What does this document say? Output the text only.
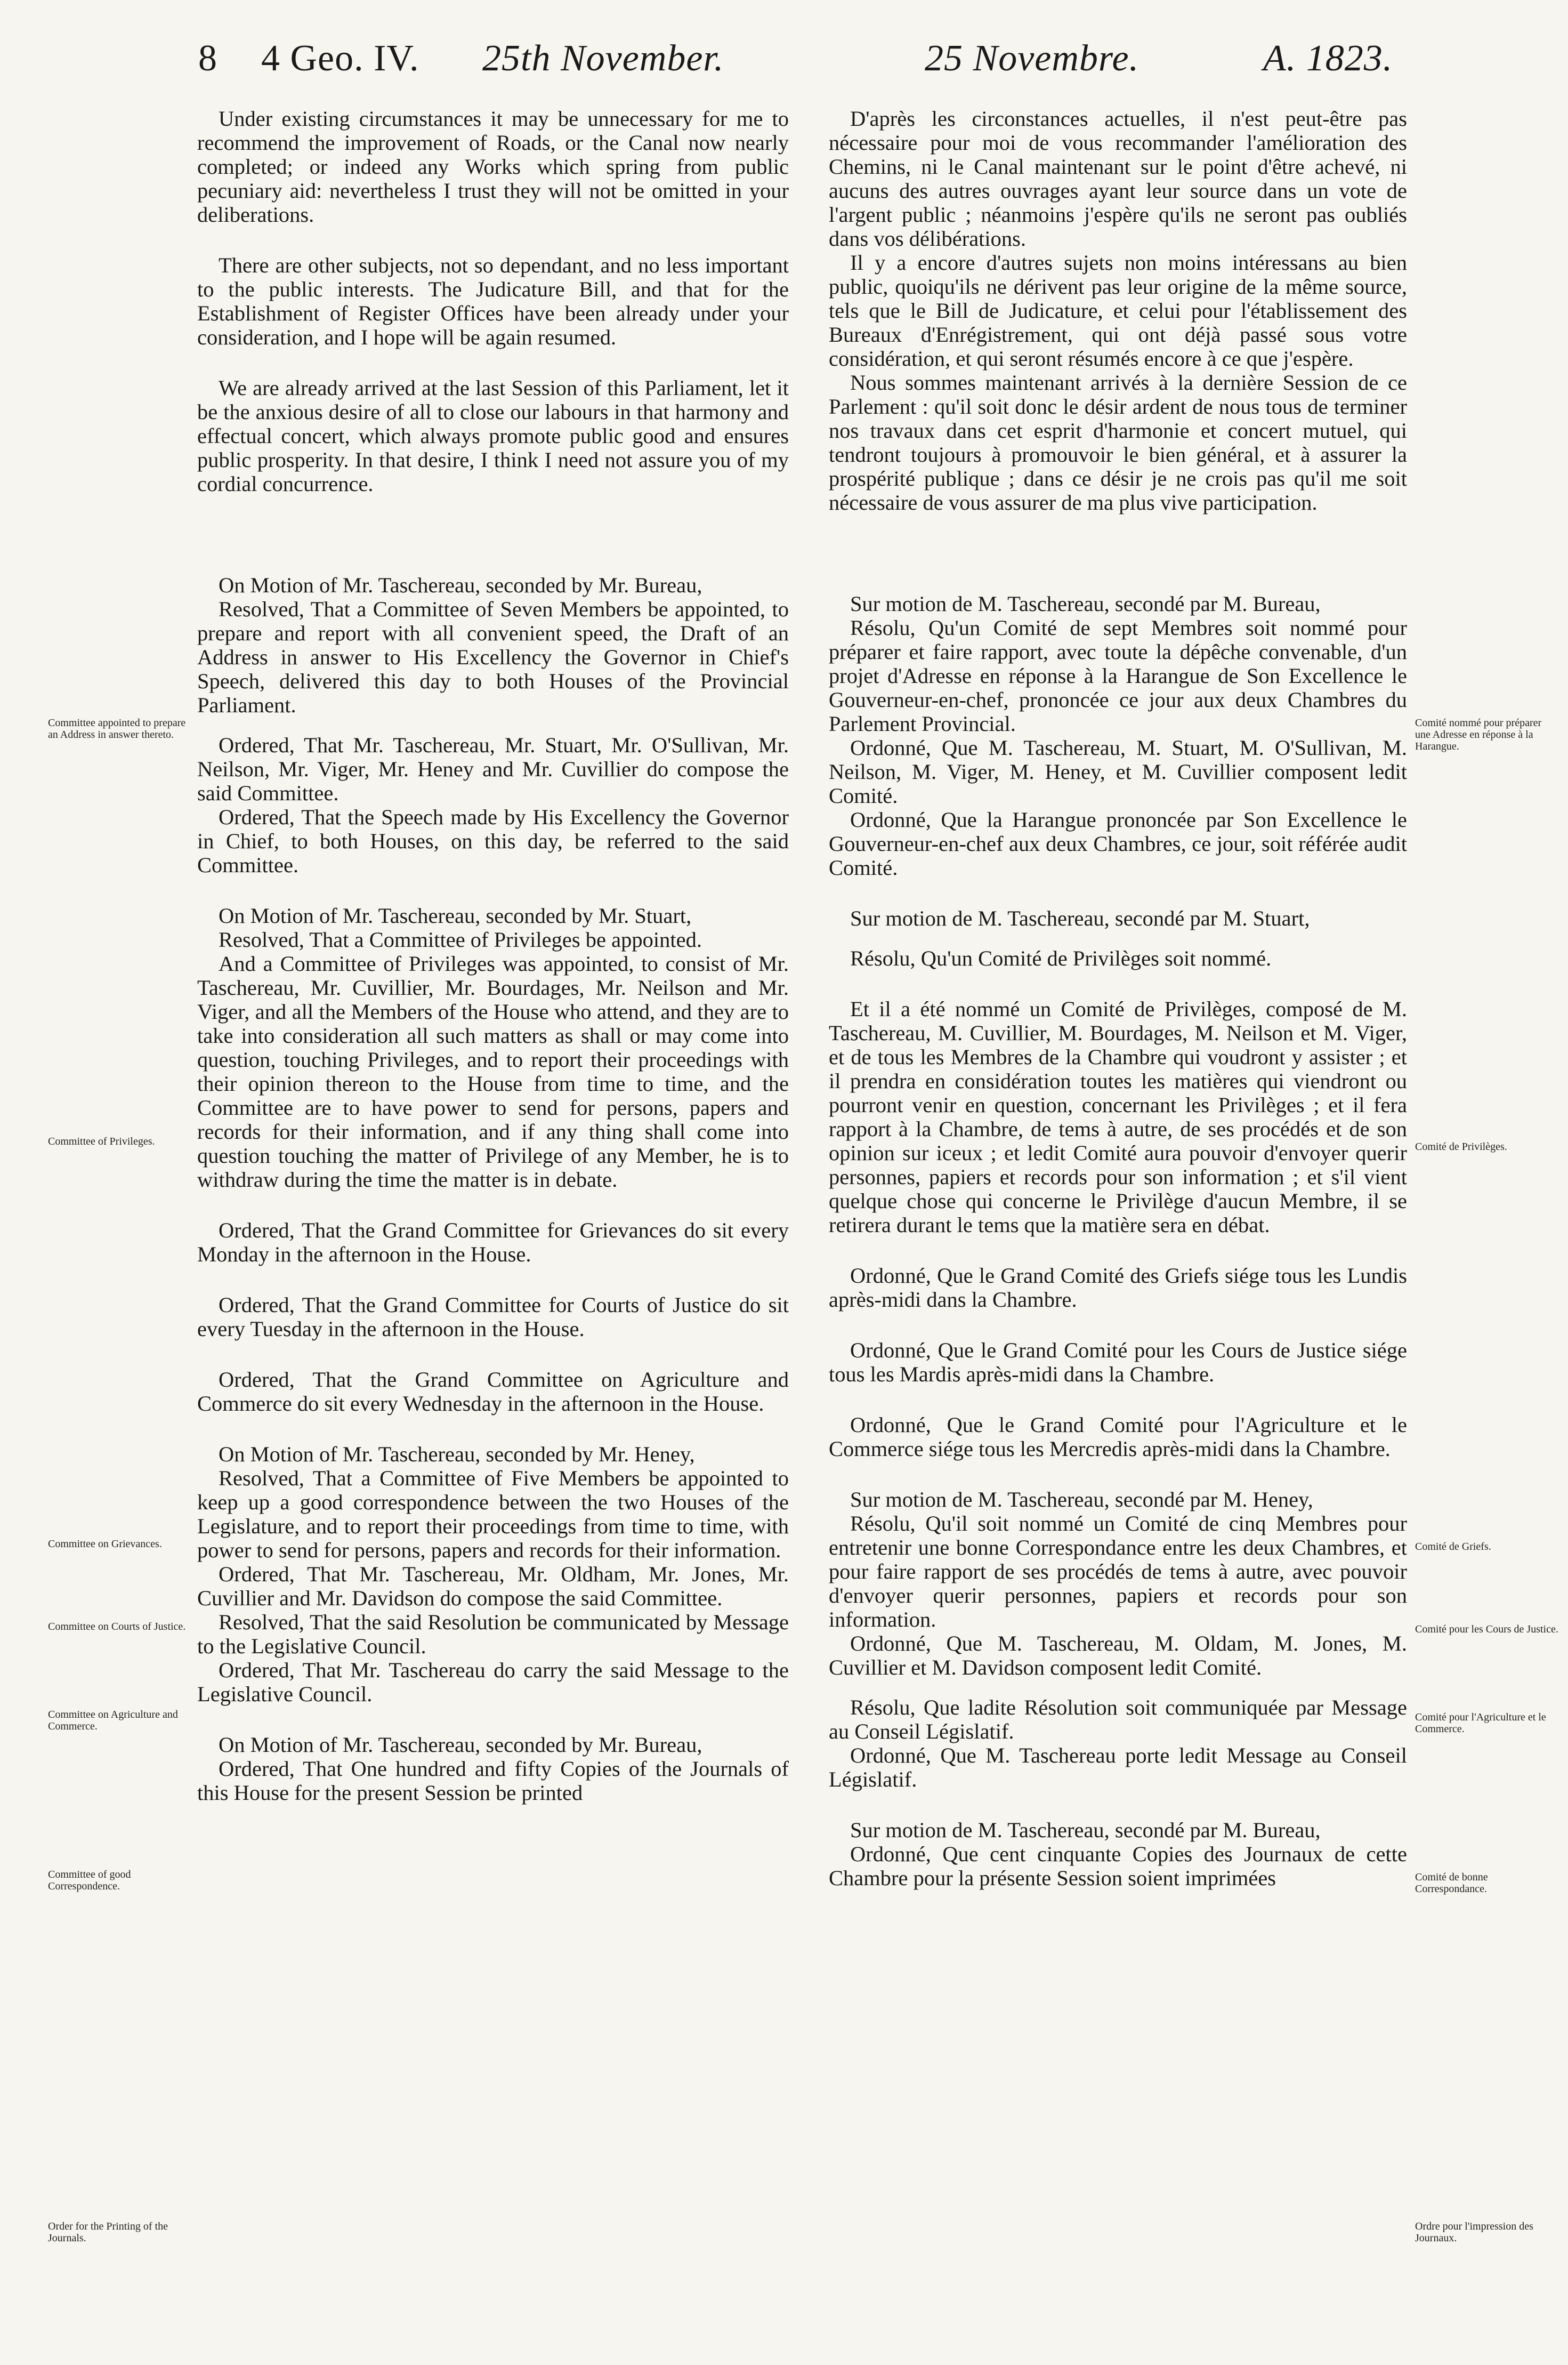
8 4 Geo. IV. 25th November.	25 Novembre.	A. 1823.

Under existing circumstances it may be unnecessary for me to recommend the improvement of Roads, or the Canal now nearly completed; or indeed any Works which spring from public pecuniary aid: nevertheless I trust they will not be omitted in your deliberations.

There are other subjects, not so dependant, and no less important to the public interests. The Judicature Bill, and that for the Establishment of Register Offices have been already under your consideration, and I hope will be again resumed.

We are already arrived at the last Session of this Parliament, let it be the anxious desire of all to close our labours in that harmony and effectual concert, which always promote public good and ensures public prosperity. In that desire, I think I need not assure you of my cordial concurrence.

On Motion of Mr. Taschereau, seconded by Mr. Bureau,

Resolved, That a Committee of Seven Members be appointed, to prepare and report with all convenient speed, the Draft of an Address in answer to His Excellency the Governor in Chief's Speech, delivered this day to both Houses of the Provincial Parliament.

Ordered, That Mr. Taschereau, Mr. Stuart, Mr. O'Sullivan, Mr. Neilson, Mr. Viger, Mr. Heney and Mr. Cuvillier do compose the said Committee.

Ordered, That the Speech made by His Excellency the Governor in Chief, to both Houses, on this day, be referred to the said Committee.

On Motion of Mr. Taschereau, seconded by Mr. Stuart,

Resolved, That a Committee of Privileges be appointed.

And a Committee of Privileges was appointed, to consist of Mr. Taschereau, Mr. Cuvillier, Mr. Bourdages, Mr. Neilson and Mr. Viger, and all the Members of the House who attend, and they are to take into consideration all such matters as shall or may come into question, touching Privileges, and to report their proceedings with their opinion thereon to the House from time to time, and the Committee are to have power to send for persons, papers and records for their information, and if any thing shall come into question touching the matter of Privilege of any Member, he is to withdraw during the time the matter is in debate.

Ordered, That the Grand Committee for Grievances do sit every Monday in the afternoon in the House.

Ordered, That the Grand Committee for Courts of Justice do sit every Tuesday in the afternoon in the House.

Ordered, That the Grand Committee on Agriculture and Commerce do sit every Wednesday in the afternoon in the House.

On Motion of Mr. Taschereau, seconded by Mr. Heney,

Resolved, That a Committee of Five Members be appointed to keep up a good correspondence between the two Houses of the Legislature, and to report their proceedings from time to time, with power to send for persons, papers and records for their information.

Ordered, That Mr. Taschereau, Mr. Oldham, Mr. Jones, Mr. Cuvillier and Mr. Davidson do compose the said Committee.

Resolved, That the said Resolution be communicated by Message to the Legislative Council.

Ordered, That Mr. Taschereau do carry the said Message to the Legislative Council.

On Motion of Mr. Taschereau, seconded by Mr. Bureau,

Ordered, That One hundred and fifty Copies of the Journals of this House for the present Session be printed

D'après les circonstances actuelles, il n'est peut-être pas nécessaire pour moi de vous recommander l'amélioration des Chemins, ni le Canal maintenant sur le point d'être achevé, ni aucuns des autres ouvrages ayant leur source dans un vote de l'argent public ; néanmoins j'espère qu'ils ne seront pas oubliés dans vos délibérations.

Il y a encore d'autres sujets non moins intéressans au bien public, quoiqu'ils ne dérivent pas leur origine de la même source, tels que le Bill de Judicature, et celui pour l'établissement des Bureaux d'Enrégistrement, qui ont déjà passé sous votre considération, et qui seront résumés encore à ce que j'espère.

Nous sommes maintenant arrivés à la dernière Session de ce Parlement : qu'il soit donc le désir ardent de nous tous de terminer nos travaux dans cet esprit d'harmonie et concert mutuel, qui tendront toujours à promouvoir le bien général, et à assurer la prospérité publique ; dans ce désir je ne crois pas qu'il me soit nécessaire de vous assurer de ma plus vive participation.

Sur motion de M. Taschereau, secondé par M. Bureau,

Résolu, Qu'un Comité de sept Membres soit nommé pour préparer et faire rapport, avec toute la dépêche convenable, d'un projet d'Adresse en réponse à la Harangue de Son Excellence le Gouverneur-en-chef, prononcée ce jour aux deux Chambres du Parlement Provincial.

Ordonné, Que M. Taschereau, M. Stuart, M. O'Sullivan, M. Neilson, M. Viger, M. Heney, et M. Cuvillier composent ledit Comité.

Ordonné, Que la Harangue prononcée par Son Excellence le Gouverneur-en-chef aux deux Chambres, ce jour, soit référée audit Comité.

Sur motion de M. Taschereau, secondé par M. Stuart,

Résolu, Qu'un Comité de Privilèges soit nommé.

Et il a été nommé un Comité de Privilèges, composé de M. Taschereau, M. Cuvillier, M. Bourdages, M. Neilson et M. Viger, et de tous les Membres de la Chambre qui voudront y assister ; et il prendra en considération toutes les matières qui viendront ou pourront venir en question, concernant les Privilèges ; et il fera rapport à la Chambre, de tems à autre, de ses procédés et de son opinion sur iceux ; et ledit Comité aura pouvoir d'envoyer querir personnes, papiers et records pour son information ; et s'il vient quelque chose qui concerne le Privilège d'aucun Membre, il se retirera durant le tems que la matière sera en débat.

Ordonné, Que le Grand Comité des Griefs siége tous les Lundis après-midi dans la Chambre.

Ordonné, Que le Grand Comité pour les Cours de Justice siége tous les Mardis après-midi dans la Chambre.

Ordonné, Que le Grand Comité pour l'Agriculture et le Commerce siége tous les Mercredis après-midi dans la Chambre.

Sur motion de M. Taschereau, secondé par M. Heney,

Résolu, Qu'il soit nommé un Comité de cinq Membres pour entretenir une bonne Correspondance entre les deux Chambres, et pour faire rapport de ses procédés de tems à autre, avec pouvoir d'envoyer querir personnes, papiers et records pour son information.

Ordonné, Que M. Taschereau, M. Oldam, M. Jones, M. Cuvillier et M. Davidson composent ledit Comité.

Résolu, Que ladite Résolution soit communiquée par Message au Conseil Législatif.

Ordonné, Que M. Taschereau porte ledit Message au Conseil Législatif.

Sur motion de M. Taschereau, secondé par M. Bureau,

Ordonné, Que cent cinquante Copies des Journaux de cette Chambre pour la présente Session soient imprimées

Committee appointed to prepare an Address in answer thereto.
Committee of Privileges.
Committee on Grievances.
Committee on Courts of Justice.
Committee on Agriculture and Commerce.
Committee of good Correspondence.
Order for the Printing of the Journals.
Comité nommé pour préparer une Adresse en réponse à la Harangue.
Comité de Privilèges.
Comité de Griefs.
Comité pour les Cours de Justice.
Comité pour l'Agriculture et le Commerce.
Comité de bonne Correspondance.
Ordre pour l'impression des Journaux.
